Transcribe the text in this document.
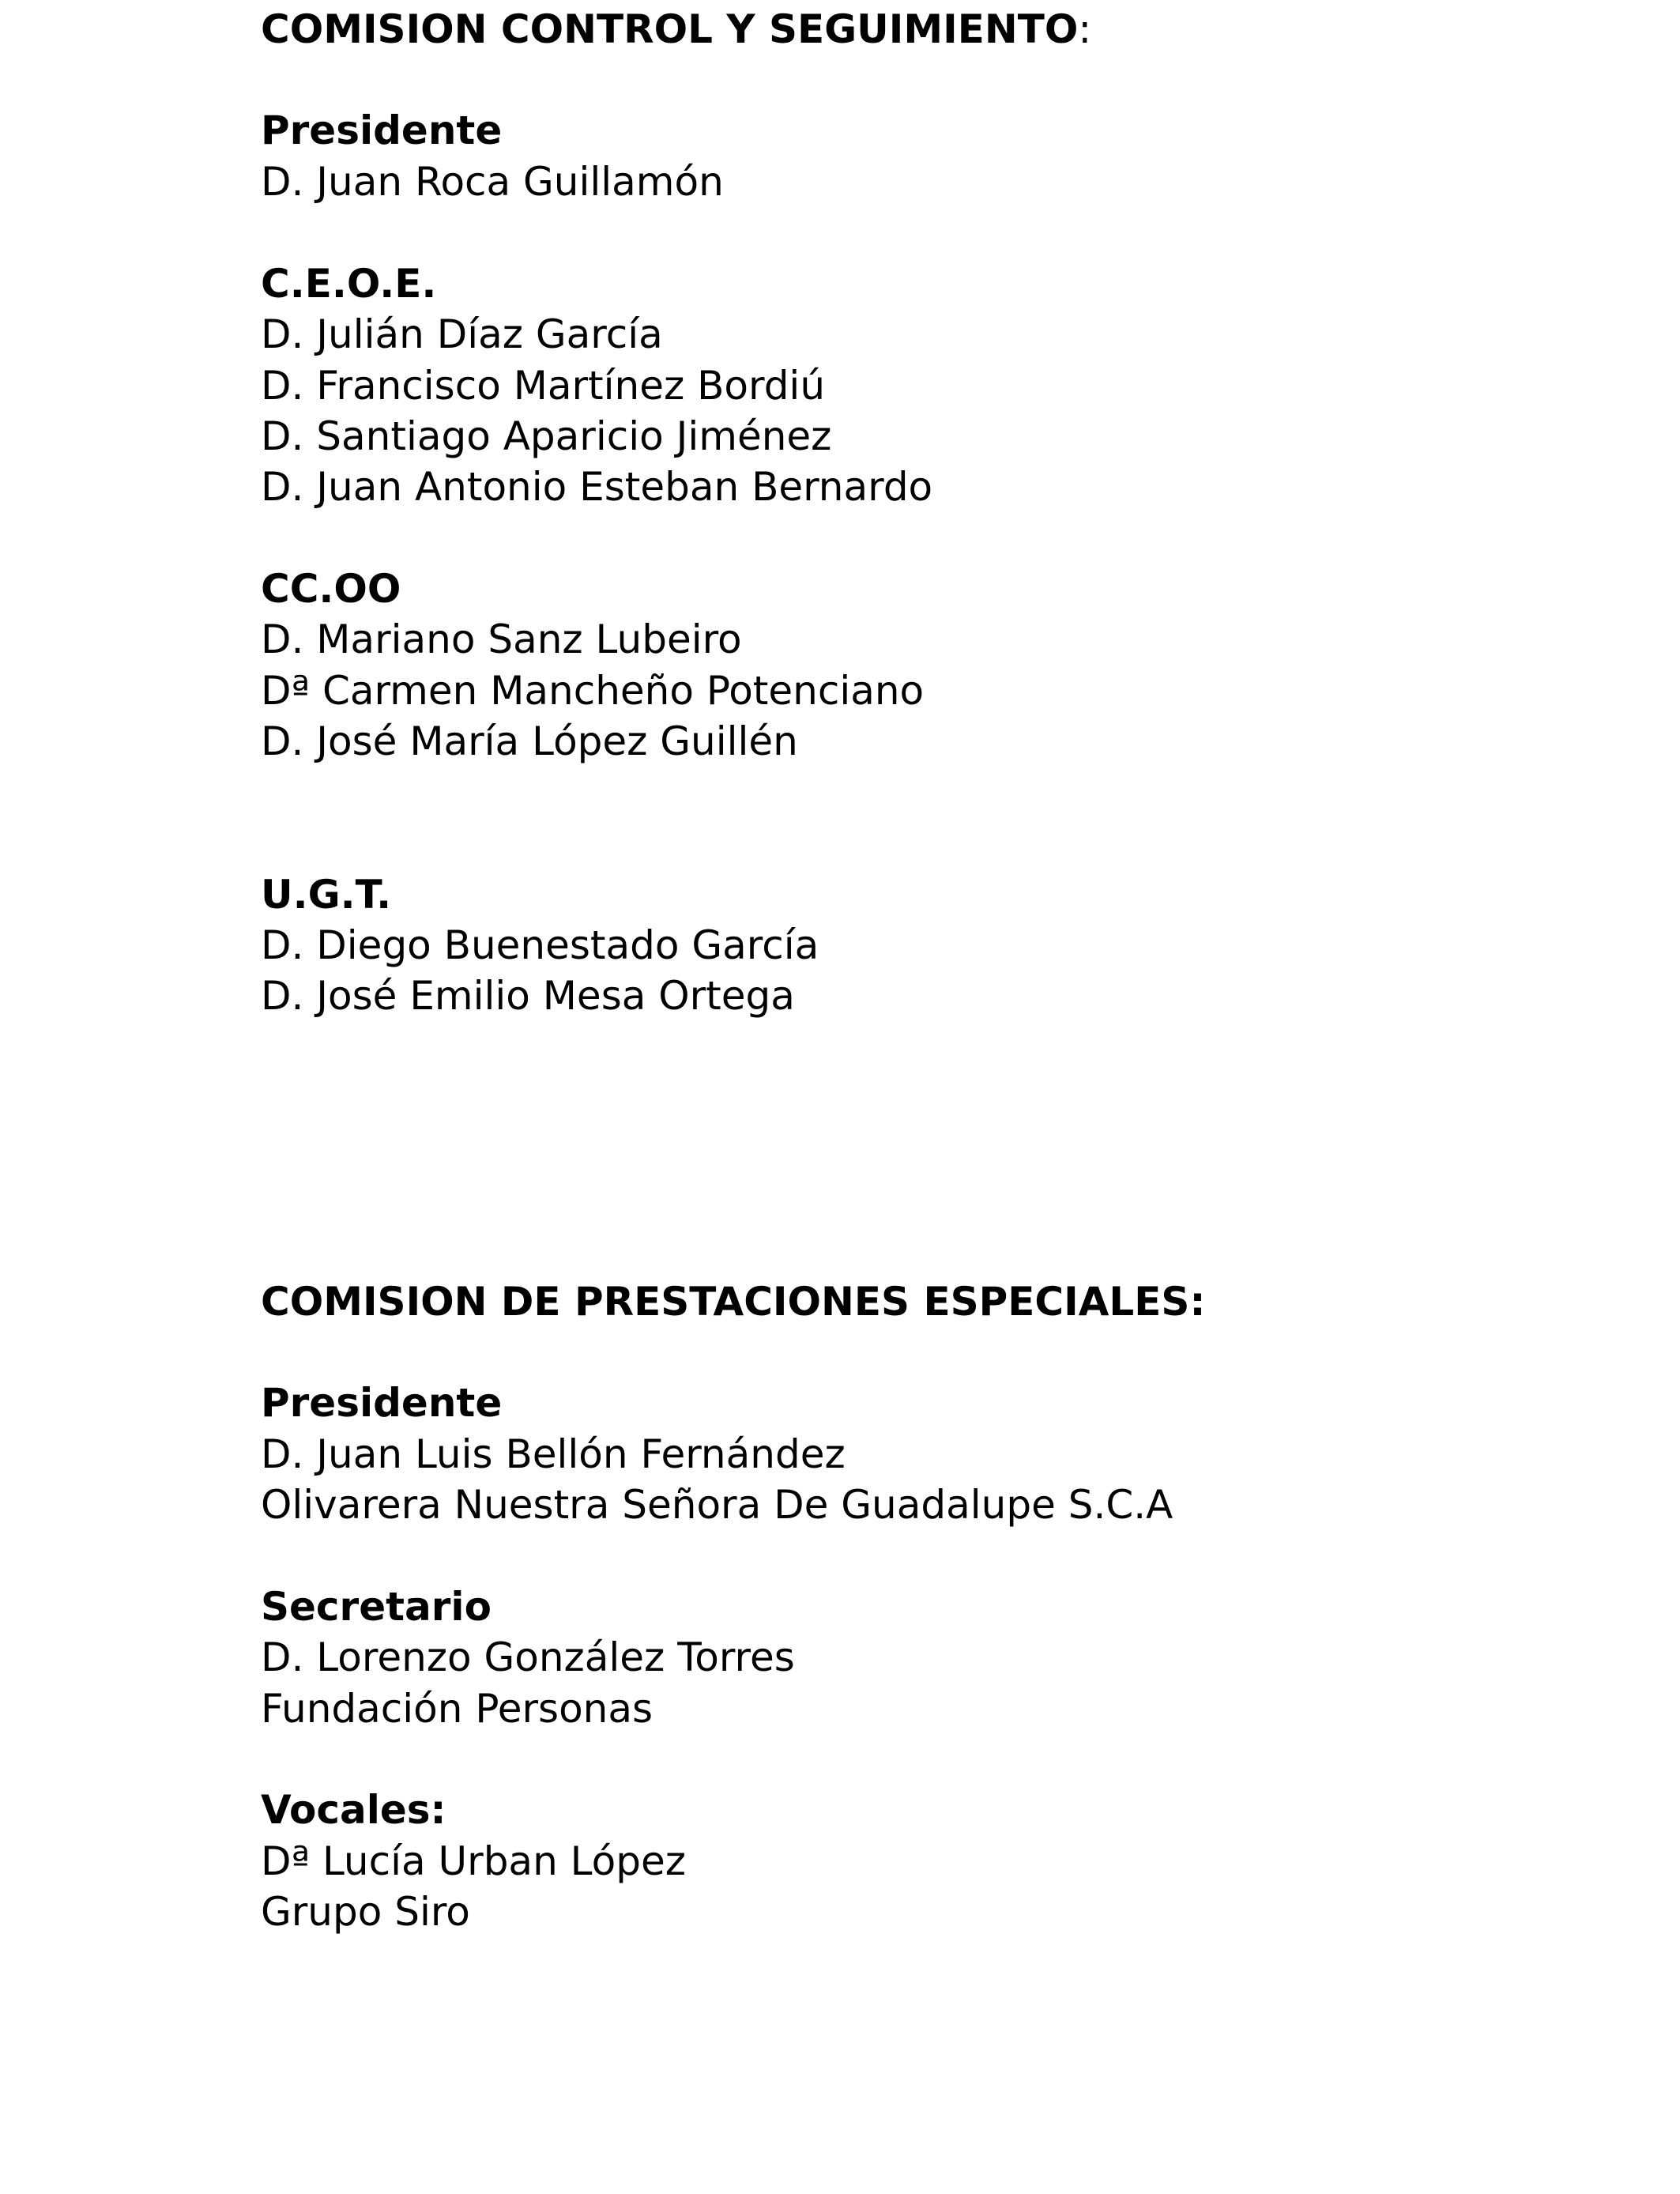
COMISION CONTROL Y SEGUIMIENTO:

Presidente

D. Juan Roca Guillamón

C.E.O.E.

D. Julián Díaz García

D. Francisco Martínez Bordiú

D. Santiago Aparicio Jiménez

D. Juan Antonio Esteban Bernardo

CC.OO

D. Mariano Sanz Lubeiro

Dª Carmen Mancheño Potenciano

D. José María López Guillén

U.G.T.

D. Diego Buenestado García

D. José Emilio Mesa Ortega

COMISION DE PRESTACIONES ESPECIALES:

Presidente

D. Juan Luis Bellón Fernández

Olivarera Nuestra Señora De Guadalupe S.C.A

Secretario

D. Lorenzo González Torres

Fundación Personas

Vocales:

Dª Lucía Urban López

Grupo Siro
